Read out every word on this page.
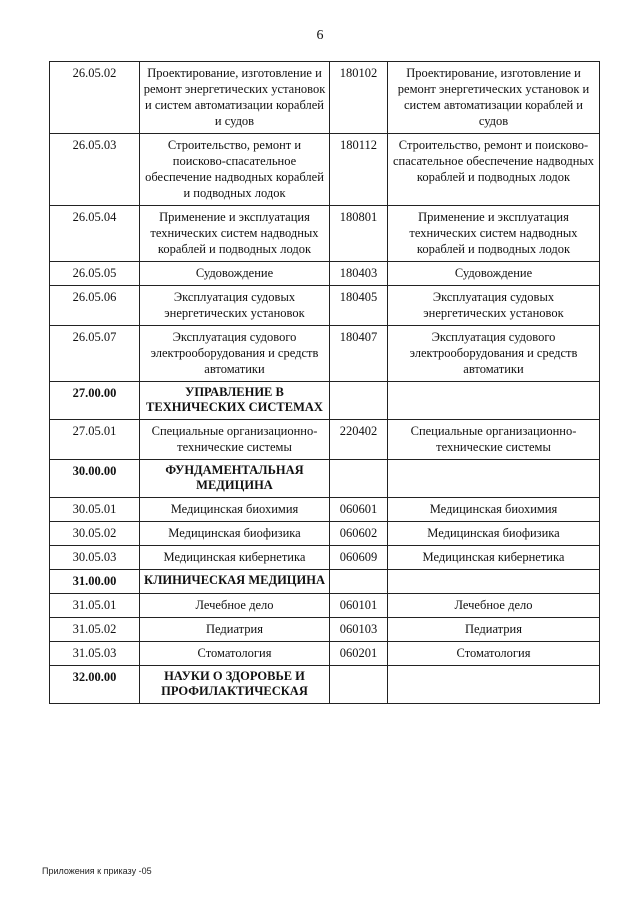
6
26.05.02	Проектирование, изготовление и ремонт энергетических установок и систем автоматизации кораблей и судов	180102	Проектирование, изготовление и ремонт энергетических установок и систем автоматизации кораблей и судов
26.05.03	Строительство, ремонт и поисково-спасательное обеспечение надводных кораблей и подводных лодок	180112	Строительство, ремонт и поисково-спасательное обеспечение надводных кораблей и подводных лодок
26.05.04	Применение и эксплуатация технических систем надводных кораблей и подводных лодок	180801	Применение и эксплуатация технических систем надводных кораблей и подводных лодок
26.05.05	Судовождение	180403	Судовождение
26.05.06	Эксплуатация судовых энергетических установок	180405	Эксплуатация судовых энергетических установок
26.05.07	Эксплуатация судового электрооборудования и средств автоматики	180407	Эксплуатация судового электрооборудования и средств автоматики
27.00.00	УПРАВЛЕНИЕ В ТЕХНИЧЕСКИХ СИСТЕМАХ		
27.05.01	Специальные организационно-технические системы	220402	Специальные организационно-технические системы
30.00.00	ФУНДАМЕНТАЛЬНАЯ МЕДИЦИНА		
30.05.01	Медицинская биохимия	060601	Медицинская биохимия
30.05.02	Медицинская биофизика	060602	Медицинская биофизика
30.05.03	Медицинская кибернетика	060609	Медицинская кибернетика
31.00.00	КЛИНИЧЕСКАЯ МЕДИЦИНА		
31.05.01	Лечебное дело	060101	Лечебное дело
31.05.02	Педиатрия	060103	Педиатрия
31.05.03	Стоматология	060201	Стоматология
32.00.00	НАУКИ О ЗДОРОВЬЕ И ПРОФИЛАКТИЧЕСКАЯ		
Приложения к приказу -05
